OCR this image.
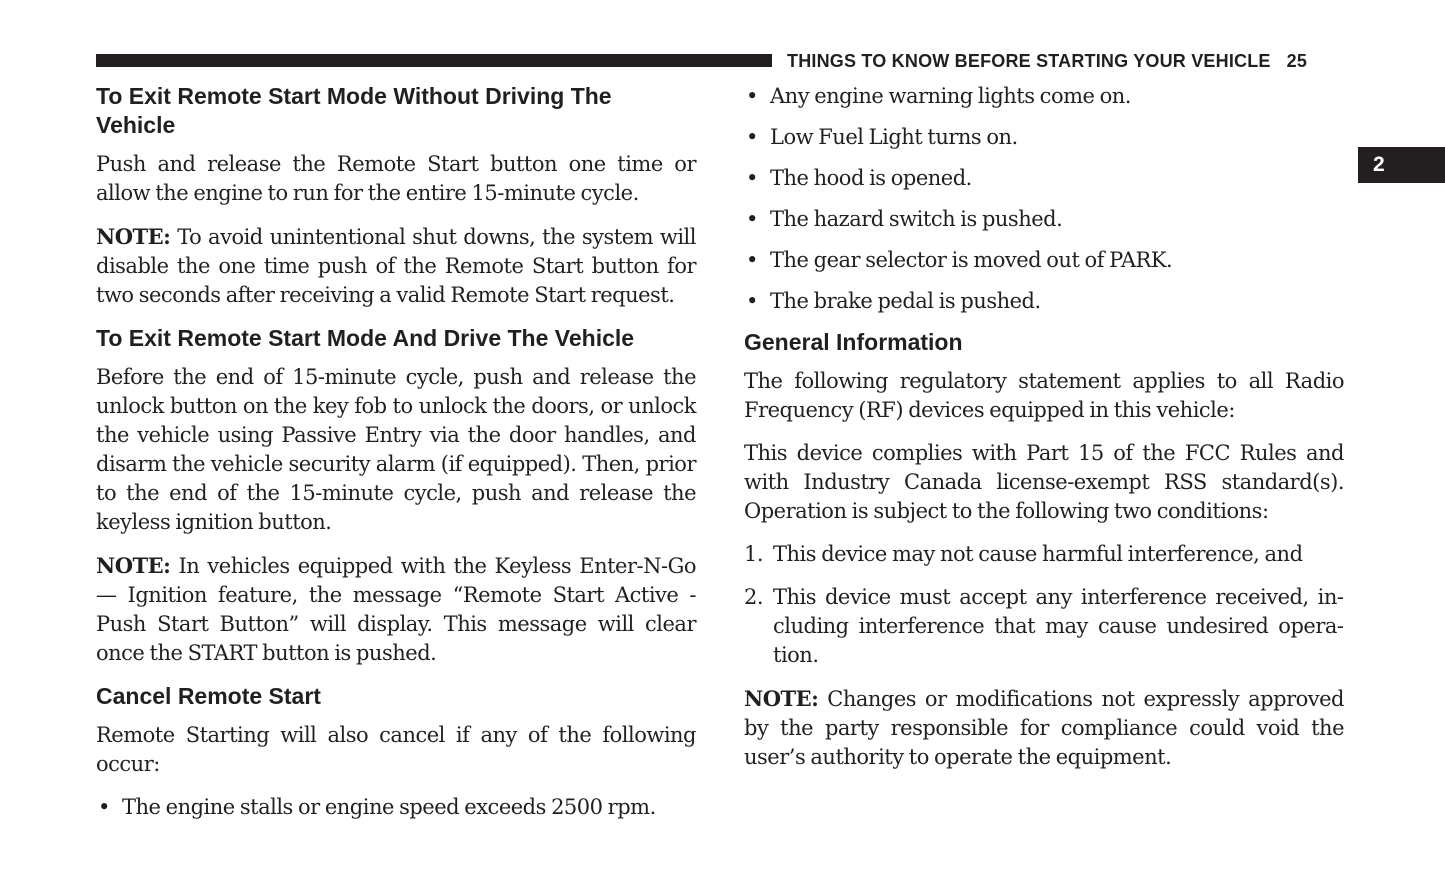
THINGS TO KNOW BEFORE STARTING YOUR VEHICLE 25
2
To Exit Remote Start Mode Without Driving The Vehicle

Push and release the Remote Start button one time or allow the engine to run for the entire 15-minute cycle.

NOTE: To avoid unintentional shut downs, the system will disable the one time push of the Remote Start button for two seconds after receiving a valid Remote Start request.

To Exit Remote Start Mode And Drive The Vehicle

Before the end of 15-minute cycle, push and release the unlock button on the key fob to unlock the doors, or unlock the vehicle using Passive Entry via the door handles, and disarm the vehicle security alarm (if equipped). Then, prior to the end of the 15-minute cycle, push and release the keyless ignition button.

NOTE: In vehicles equipped with the Keyless Enter-N-Go — Ignition feature, the message “Remote Start Active - Push Start Button” will display. This message will clear once the START button is pushed.

Cancel Remote Start

Remote Starting will also cancel if any of the following occur:

• The engine stalls or engine speed exceeds 2500 rpm.
• Any engine warning lights come on.
• Low Fuel Light turns on.
• The hood is opened.
• The hazard switch is pushed.
• The gear selector is moved out of PARK.
• The brake pedal is pushed.
General Information

The following regulatory statement applies to all Radio Frequency (RF) devices equipped in this vehicle:

This device complies with Part 15 of the FCC Rules and with Industry Canada license-exempt RSS standard(s). Operation is subject to the following two conditions:

1. This device may not cause harmful interference, and
2. This device must accept any interference received, including interference that may cause undesired operation.

NOTE: Changes or modifications not expressly approved by the party responsible for compliance could void the user’s authority to operate the equipment.
